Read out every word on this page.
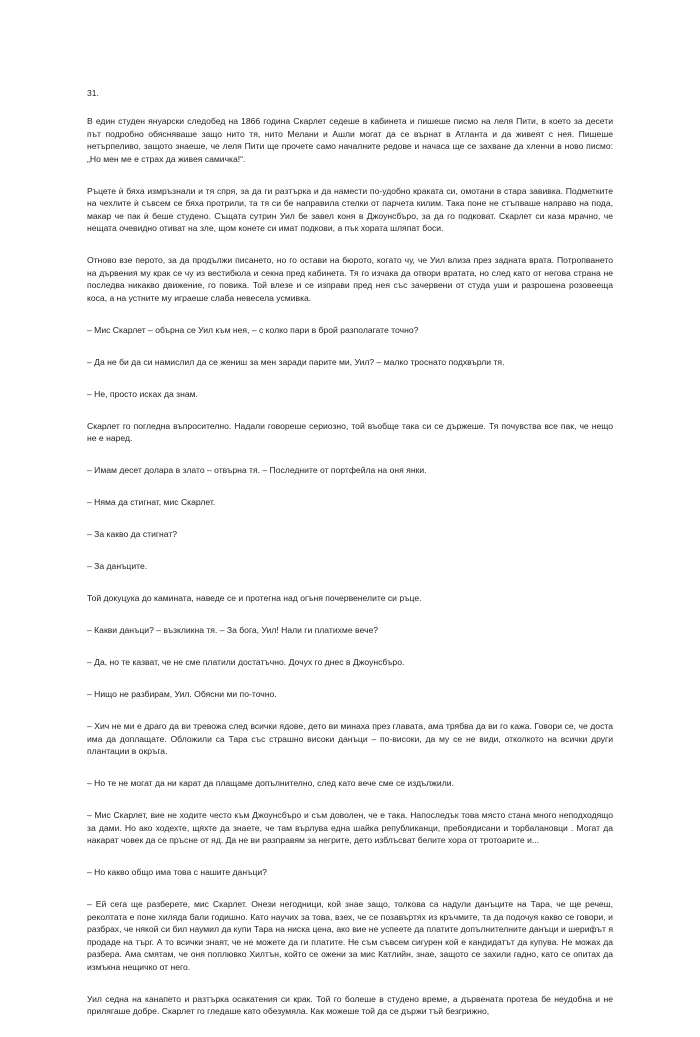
31.

В един студен януарски следобед на 1866 година Скарлет седеше в кабинета и пишеше писмо на леля Пити, в което за десети път подробно обясняваше защо нито тя, нито Мелани и Ашли могат да се върнат в Атланта и да живеят с нея. Пишеше нетърпеливо, защото знаеше, че леля Пити ще прочете само началните редове и начаса ще се захване да хленчи в ново писмо: „Но мен ме е страх да живея самичка!“.

Ръцете ѝ бяха измръзнали и тя спря, за да ги разтърка и да намести по-удобно краката си, омотани в стара завивка. Подметките на чехлите ѝ съвсем се бяха протрили, та тя си бе направила стелки от парчета килим. Така поне не стъпваше направо на пода, макар че пак ѝ беше студено. Същата сутрин Уил бе завел коня в Джоунсбъро, за да го подковат. Скарлет си каза мрачно, че нещата очевидно отиват на зле, щом конете си имат подкови, а пък хората шляпат боси.

Отново взе перото, за да продължи писането, но го остави на бюрото, когато чу, че Уил влиза през задната врата. Потропването на дървения му крак се чу из вестибюла и секна пред кабинета. Тя го изчака да отвори вратата, но след като от негова страна не последва никакво движение, го повика. Той влезе и се изправи пред нея със зачервени от студа уши и разрошена розовееща коса, а на устните му играеше слаба невесела усмивка.

– Мис Скарлет – обърна се Уил към нея, – с колко пари в брой разполагате точно?

– Да не би да си намислил да се жениш за мен заради парите ми, Уил? – малко троснато подхвърли тя.

– Не, просто исках да знам.

Скарлет го погледна въпросително. Надали говореше сериозно, той въобще така си се държеше. Тя почувства все пак, че нещо не е наред.

– Имам десет долара в злато – отвърна тя. – Последните от портфейла на оня янки.

– Няма да стигнат, мис Скарлет.

– За какво да стигнат?

– За данъците.

Той докуцука до камината, наведе се и протегна над огъня почервенелите си ръце.

– Какви данъци? – възкликна тя. – За бога, Уил! Нали ги платихме вече?

– Да, но те казват, че не сме платили достатъчно. Дочух го днес в Джоунсбъро.

– Нищо не разбирам, Уил. Обясни ми по-точно.

– Хич не ми е драго да ви тревожа след всички ядове, дето ви минаха през главата, ама трябва да ви го кажа. Говори се, че доста има да доплащате. Обложили са Тара със страшно високи данъци – по-високи, да му се не види, отколкото на всички други плантации в окръга.

– Но те не могат да ни карат да плащаме допълнително, след като вече сме се издължили.

– Мис Скарлет, вие не ходите често към Джоунсбъро и съм доволен, че е така. Напоследък това място стана много неподходящо за дами. Но ако ходехте, щяхте да знаете, че там върлува една шайка републиканци, пребоядисани и торбалановци . Могат да накарат човек да се пръсне от яд. Да не ви разправям за негрите, дето изблъсват белите хора от тротоарите и...

– Но какво общо има това с нашите данъци?

– Ей сега ще разберете, мис Скарлет. Онези негодници, кой знае защо, толкова са надули данъците на Тара, че ще речеш, реколтата е поне хиляда бали годишно. Като научих за това, взех, че се позавъртях из кръчмите, та да подочуя какво се говори, и разбрах, че някой си бил наумил да купи Тара на ниска цена, ако вие не успеете да платите допълнителните данъци и шерифът я продаде на търг. А то всички знаят, че не можете да ги платите. Не съм съвсем сигурен кой е кандидатът да купува. Не можах да разбера. Ама смятам, че оня поплювко Хилтън, който се ожени за мис Катлийн, знае, защото се захили гадно, като се опитах да измъкна нещичко от него.

Уил седна на канапето и разтърка осакатения си крак. Той го болеше в студено време, а дървената протеза бе неудобна и не прилягаше добре. Скарлет го гледаше като обезумяла. Как можеше той да се държи тъй безгрижно,
